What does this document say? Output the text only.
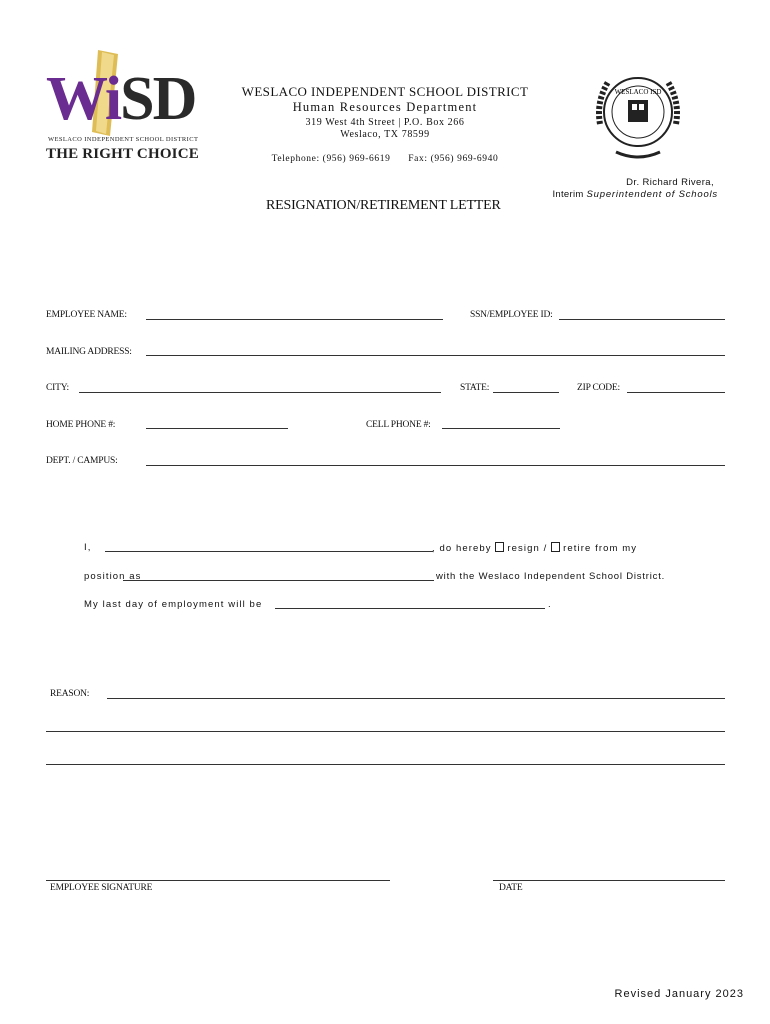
WiSD
WESLACO INDEPENDENT SCHOOL DISTRICT
THE RIGHT CHOICE
WESLACO INDEPENDENT SCHOOL DISTRICT
Human Resources Department
319 West 4th Street | P.O. Box 266
Weslaco, TX 78599
Telephone: (956) 969-6619      Fax: (956) 969-6940
WESLACO ISD
Dr. Richard Rivera,
Interim Superintendent of Schools
RESIGNATION/RETIREMENT LETTER
EMPLOYEE NAME:	SSN/EMPLOYEE ID:
MAILING ADDRESS:
CITY:	STATE:	ZIP CODE:
HOME PHONE #:	CELL PHONE #:
DEPT. / CAMPUS:
I,	, do hereby resign / retire from my
position as	with the Weslaco Independent School District.
My last day of employment will be	.
REASON:
EMPLOYEE SIGNATURE	DATE
Revised January 2023
